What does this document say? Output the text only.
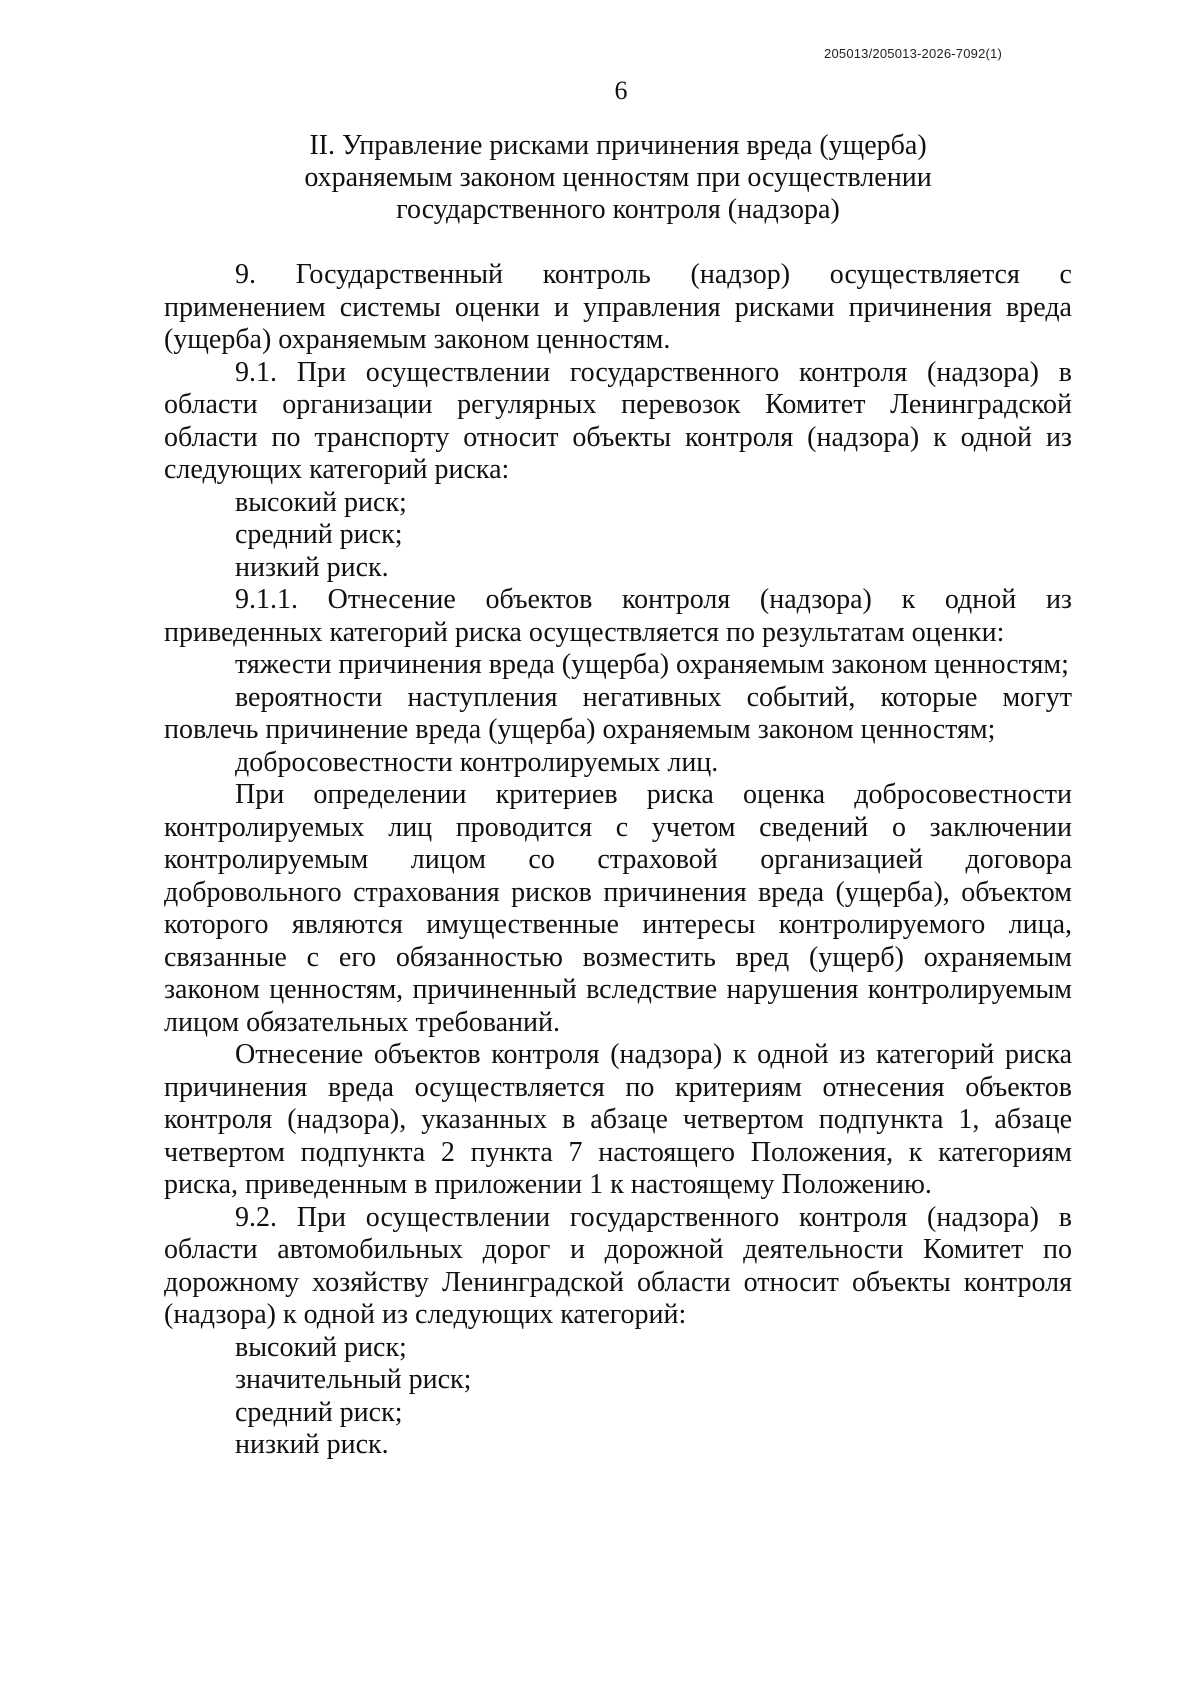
205013/205013-2026-7092(1)
6
II. Управление рисками причинения вреда (ущерба)
охраняемым законом ценностям при осуществлении
государственного контроля (надзора)

9. Государственный контроль (надзор) осуществляется с применением системы оценки и управления рисками причинения вреда (ущерба) охраняемым законом ценностям.

9.1. При осуществлении государственного контроля (надзора) в области организации регулярных перевозок Комитет Ленинградской области по транспорту относит объекты контроля (надзора) к одной из следующих категорий риска:

высокий риск;

средний риск;

низкий риск.

9.1.1. Отнесение объектов контроля (надзора) к одной из приведенных категорий риска осуществляется по результатам оценки:

тяжести причинения вреда (ущерба) охраняемым законом ценностям;

вероятности наступления негативных событий, которые могут повлечь причинение вреда (ущерба) охраняемым законом ценностям;

добросовестности контролируемых лиц.

При определении критериев риска оценка добросовестности контролируемых лиц проводится с учетом сведений о заключении контролируемым лицом со страховой организацией договора добровольного страхования рисков причинения вреда (ущерба), объектом которого являются имущественные интересы контролируемого лица, связанные с его обязанностью возместить вред (ущерб) охраняемым законом ценностям, причиненный вследствие нарушения контролируемым лицом обязательных требований.

Отнесение объектов контроля (надзора) к одной из категорий риска причинения вреда осуществляется по критериям отнесения объектов контроля (надзора), указанных в абзаце четвертом подпункта 1, абзаце четвертом подпункта 2 пункта 7 настоящего Положения, к категориям риска, приведенным в приложении 1 к настоящему Положению.

9.2. При осуществлении государственного контроля (надзора) в области автомобильных дорог и дорожной деятельности Комитет по дорожному хозяйству Ленинградской области относит объекты контроля (надзора) к одной из следующих категорий:

высокий риск;

значительный риск;

средний риск;

низкий риск.
